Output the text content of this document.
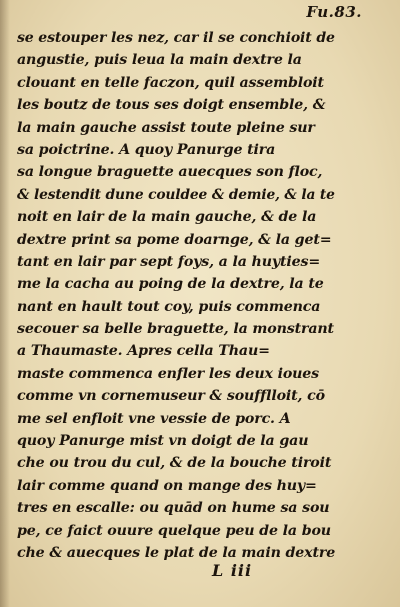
Fu.83.
se estouper les nez, car il se conchioit de
angustie, puis leua la main dextre la
clouant en telle faczon, quil assembloit
les boutz de tous ses doigt ensemble, &
la main gauche assist toute pleine sur
sa poictrine. A quoy Panurge tira
sa longue braguette auecques son floc,
& lestendit dune couldee & demie, & la te
noit en lair de la main gauche, & de la
dextre print sa pome doarnge, & la get=
tant en lair par sept foys, a la huyties=
me la cacha au poing de la dextre, la te
nant en hault tout coy, puis commenca
secouer sa belle braguette, la monstrant
a Thaumaste. Apres cella Thau=
maste commenca enfler les deux ioues
comme vn cornemuseur & soufflloit, cō
me sel enfloit vne vessie de porc. A
quoy Panurge mist vn doigt de la gau
che ou trou du cul, & de la bouche tiroit
lair comme quand on mange des huy=
tres en escalle: ou quād on hume sa sou
pe, ce faict ouure quelque peu de la bou
che & auecques le plat de la main dextre
L iii
